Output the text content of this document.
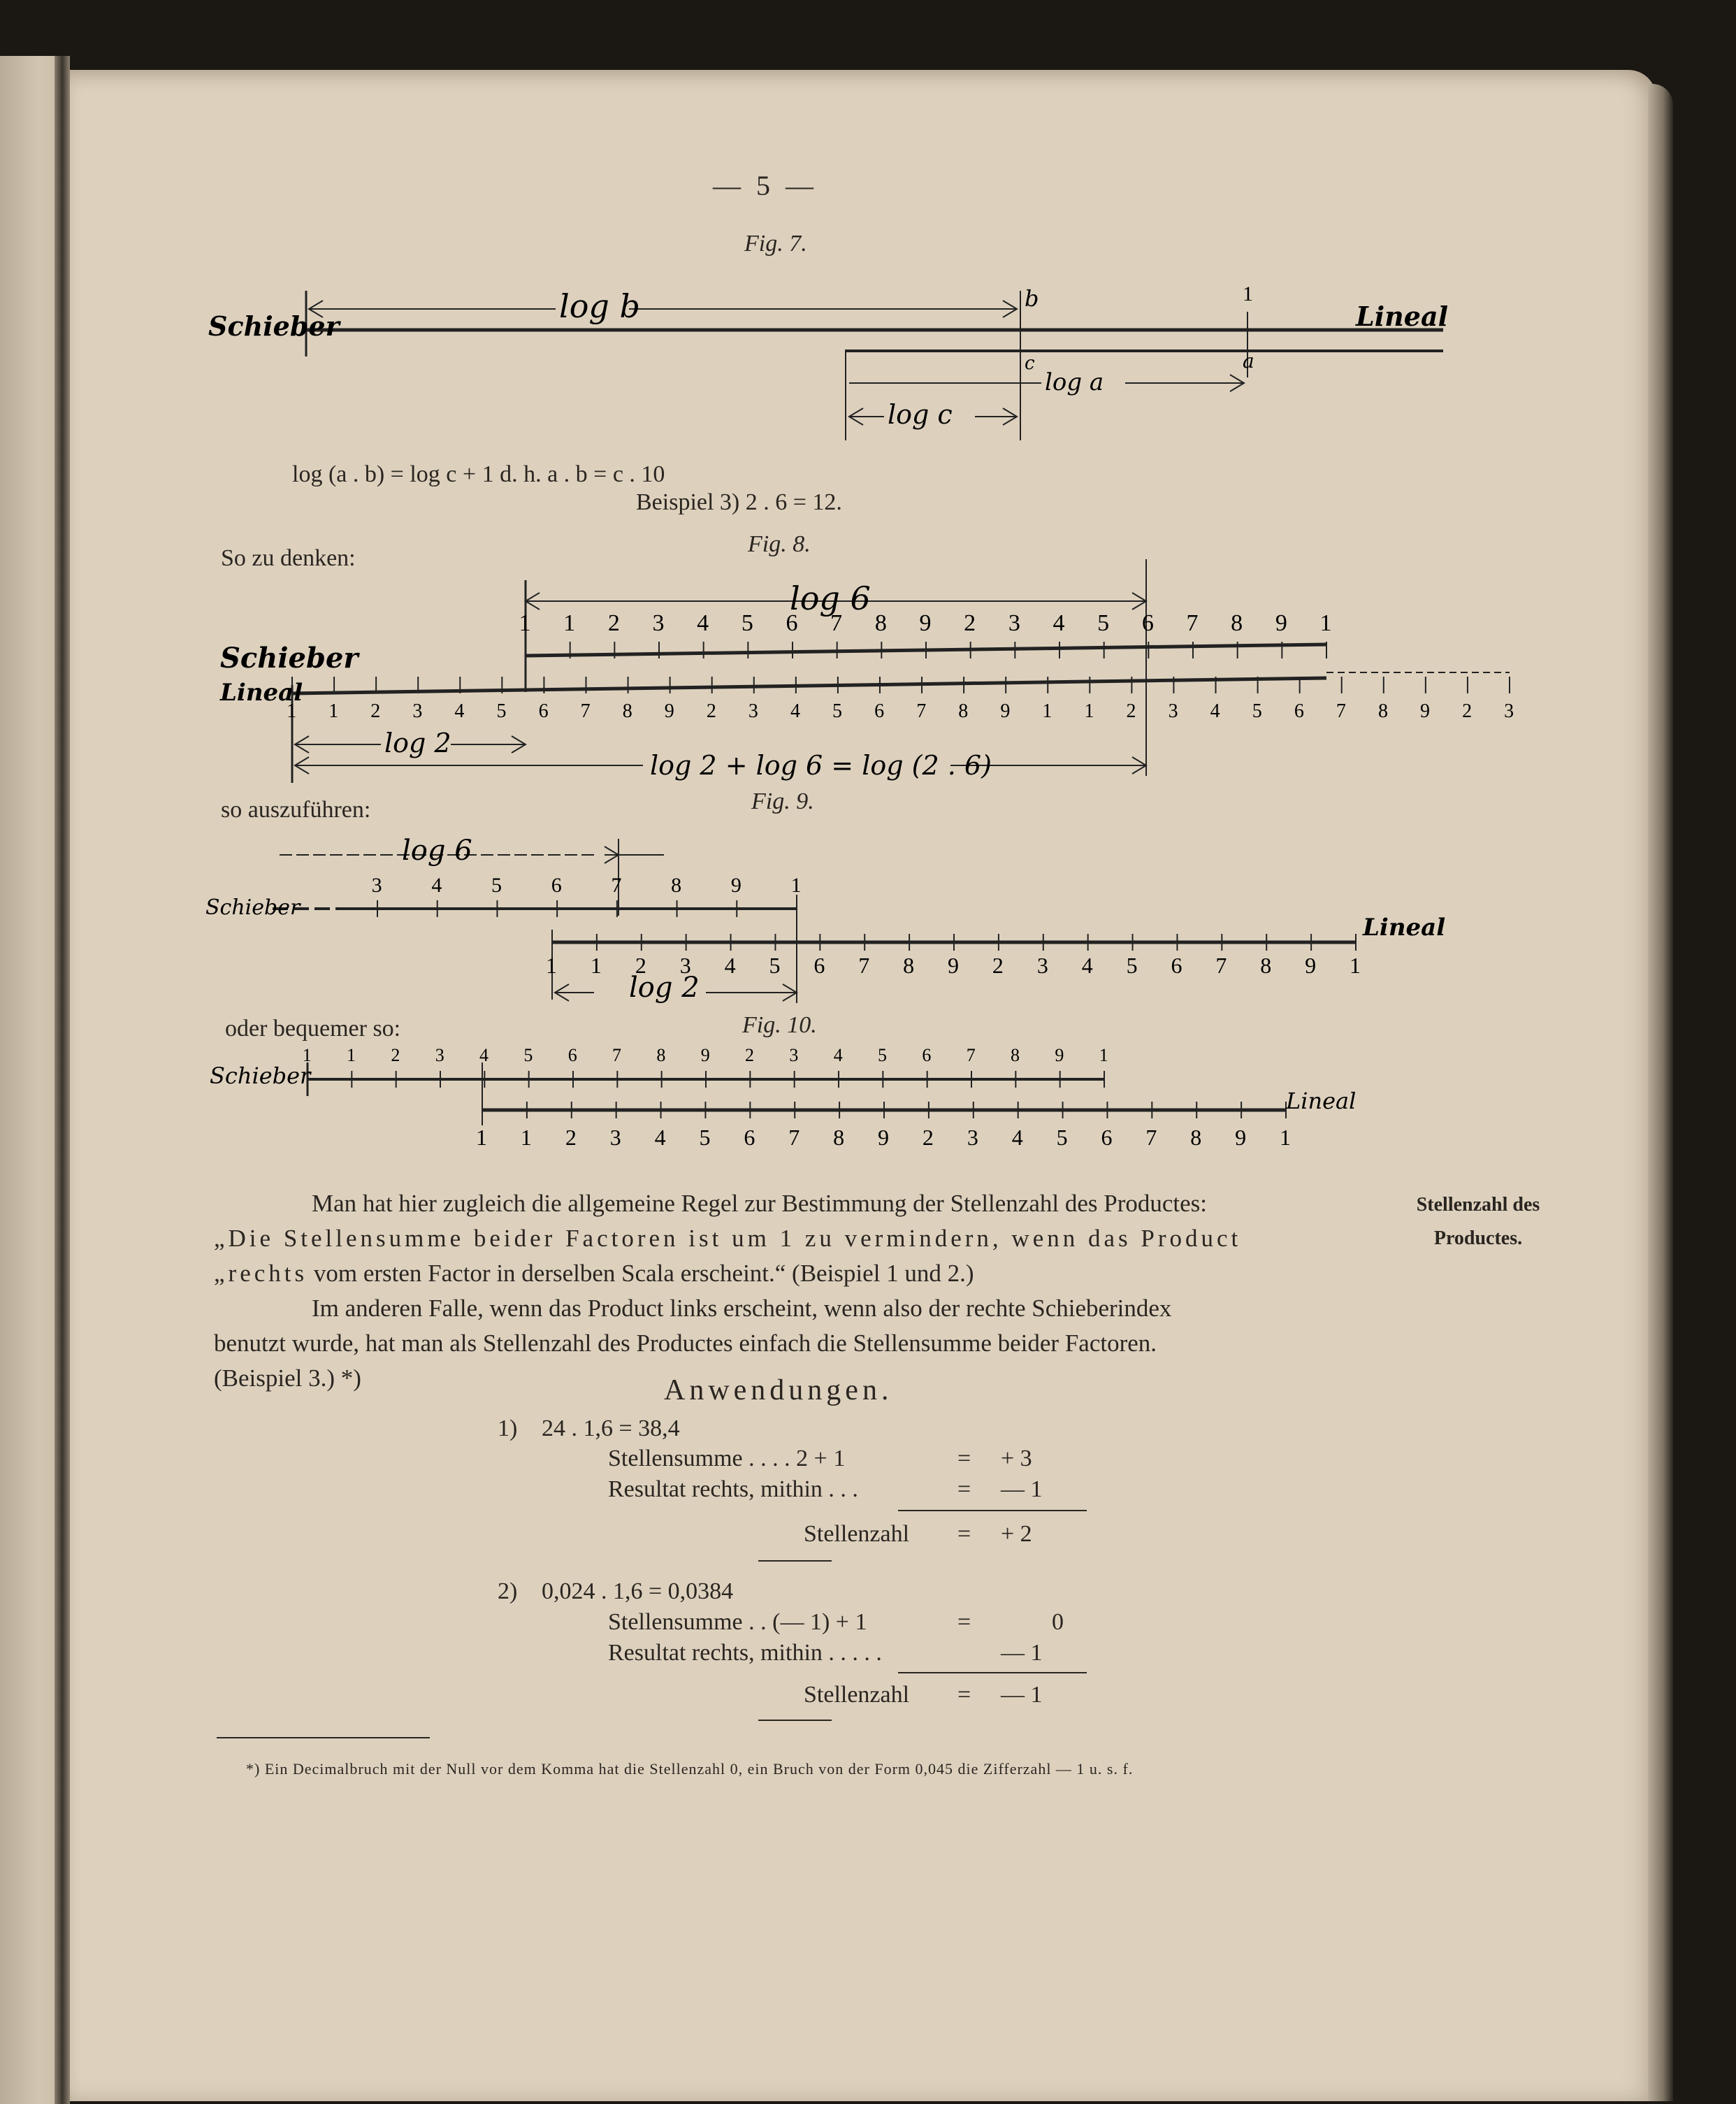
— 5 —
Fig. 7.
Schieber	Lineal
log b	b	1
c	a
log a
log c
log (a . b) = log c + 1 d. h. a . b = c . 10
Beispiel 3) 2 . 6 = 12.
So zu denken:
Fig. 8.
1 1 2 3 4 5 6 7 8 9 2 3 4 5 6 7 8 9 1
1 1 2 3 4 5 6 7 8 9 2 3 4 5 6 7 8 9 1 1 2 3 4 5 6 7 8 9 2 3
Schieber
Lineal
log 6
log 2
log 2 + log 6 = log (2 . 6)
so auszuführen:	Fig. 9.
3 4 5 6 7 8 9 1
1 1 2 3 4 5 6 7 8 9 2 3 4 5 6 7 8 9 1
Schieber
Lineal
log 6
log 2
oder bequemer so:	Fig. 10.
1 1 2 3 4 5 6 7 8 9 2 3 4 5 6 7 8 9 1
1 1 2 3 4 5 6 7 8 9 2 3 4 5 6 7 8 9 1
Schieber
Lineal
Man hat hier zugleich die allgemeine Regel zur Bestimmung der Stellenzahl des Productes:
„Die Stellensumme beider Factoren ist um 1 zu vermindern, wenn das Product
„rechts vom ersten Factor in derselben Scala erscheint.“ (Beispiel 1 und 2.)
Im anderen Falle, wenn das Product links erscheint, wenn also der rechte Schieberindex
benutzt wurde, hat man als Stellenzahl des Productes einfach die Stellensumme beider Factoren.
(Beispiel 3.) *)
Stellenzahl des
Productes.
Anwendungen.
1) 24 . 1,6 = 38,4
Stellensumme . . . . 2 + 1	= + 3
Resultat rechts, mithin . . .	= — 1
Stellenzahl = + 2
2) 0,024 . 1,6 = 0,0384
Stellensumme . . (— 1) + 1	=	0
Resultat rechts, mithin . . . . .	— 1
Stellenzahl = — 1
*) Ein Decimalbruch mit der Null vor dem Komma hat die Stellenzahl 0, ein Bruch von der Form 0,045 die Zifferzahl — 1 u. s. f.
